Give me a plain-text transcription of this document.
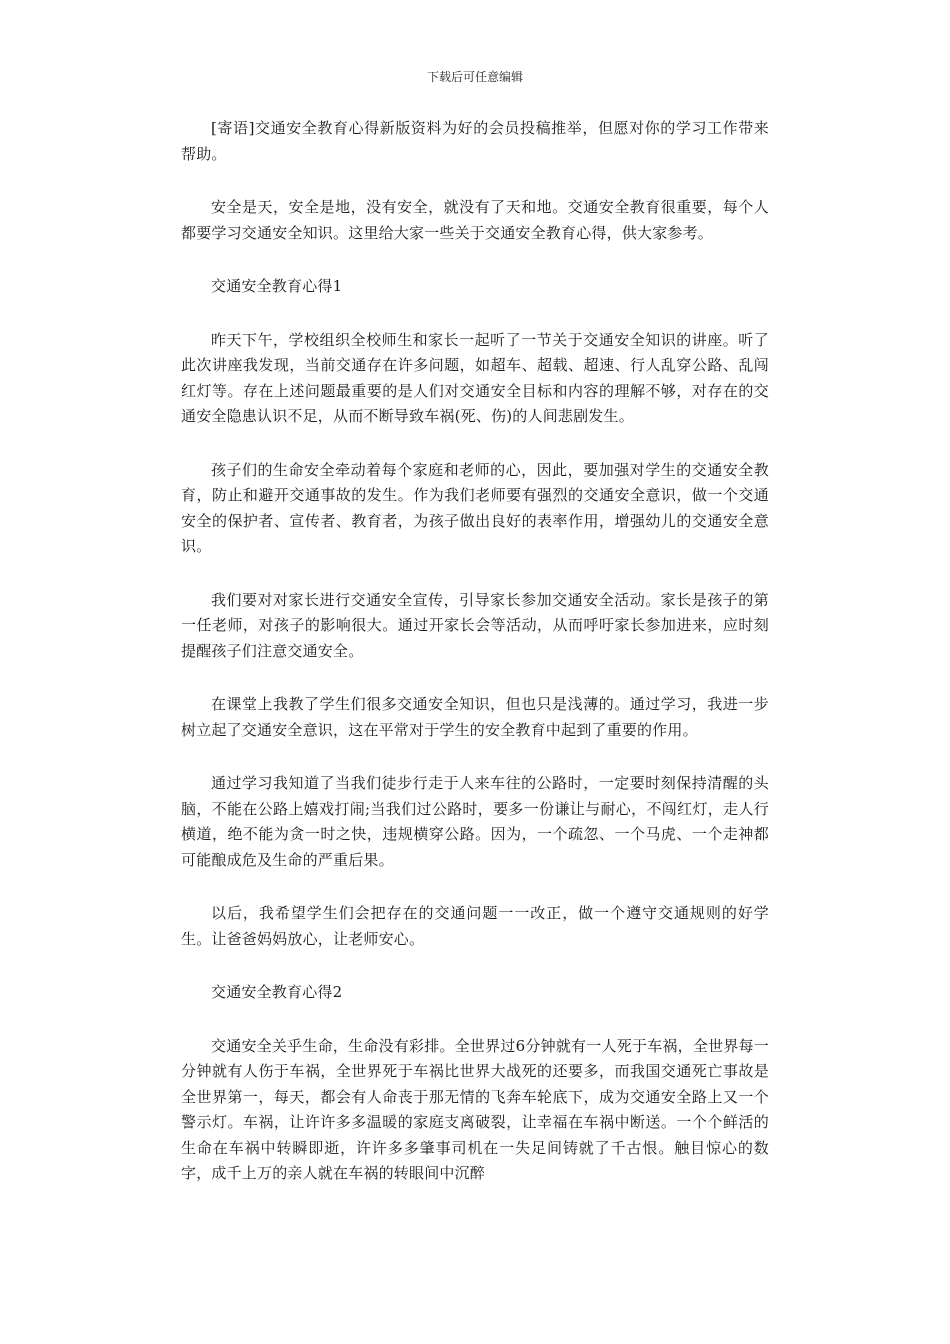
下载后可任意编辑

[寄语]交通安全教育心得新版资料为好的会员投稿推举，但愿对你的学习工作带来帮助。

安全是天，安全是地，没有安全，就没有了天和地。交通安全教育很重要，每个人都要学习交通安全知识。这里给大家一些关于交通安全教育心得，供大家参考。

交通安全教育心得1

昨天下午，学校组织全校师生和家长一起听了一节关于交通安全知识的讲座。听了此次讲座我发现，当前交通存在许多问题，如超车、超载、超速、行人乱穿公路、乱闯红灯等。存在上述问题最重要的是人们对交通安全目标和内容的理解不够，对存在的交通安全隐患认识不足，从而不断导致车祸(死、伤)的人间悲剧发生。

孩子们的生命安全牵动着每个家庭和老师的心，因此，要加强对学生的交通安全教育，防止和避开交通事故的发生。作为我们老师要有强烈的交通安全意识，做一个交通安全的保护者、宣传者、教育者，为孩子做出良好的表率作用，增强幼儿的交通安全意识。

我们要对对家长进行交通安全宣传，引导家长参加交通安全活动。家长是孩子的第一任老师，对孩子的影响很大。通过开家长会等活动，从而呼吁家长参加进来，应时刻提醒孩子们注意交通安全。

在课堂上我教了学生们很多交通安全知识，但也只是浅薄的。通过学习，我进一步树立起了交通安全意识，这在平常对于学生的安全教育中起到了重要的作用。

通过学习我知道了当我们徒步行走于人来车往的公路时，一定要时刻保持清醒的头脑，不能在公路上嬉戏打闹;当我们过公路时，要多一份谦让与耐心，不闯红灯，走人行横道，绝不能为贪一时之快，违规横穿公路。因为，一个疏忽、一个马虎、一个走神都可能酿成危及生命的严重后果。

以后，我希望学生们会把存在的交通问题一一改正，做一个遵守交通规则的好学生。让爸爸妈妈放心，让老师安心。

交通安全教育心得2

交通安全关乎生命，生命没有彩排。全世界过6分钟就有一人死于车祸，全世界每一分钟就有人伤于车祸，全世界死于车祸比世界大战死的还要多，而我国交通死亡事故是全世界第一，每天，都会有人命丧于那无情的飞奔车轮底下，成为交通安全路上又一个警示灯。车祸，让许许多多温暖的家庭支离破裂，让幸福在车祸中断送。一个个鲜活的生命在车祸中转瞬即逝，许许多多肇事司机在一失足间铸就了千古恨。触目惊心的数字，成千上万的亲人就在车祸的转眼间中沉醉
